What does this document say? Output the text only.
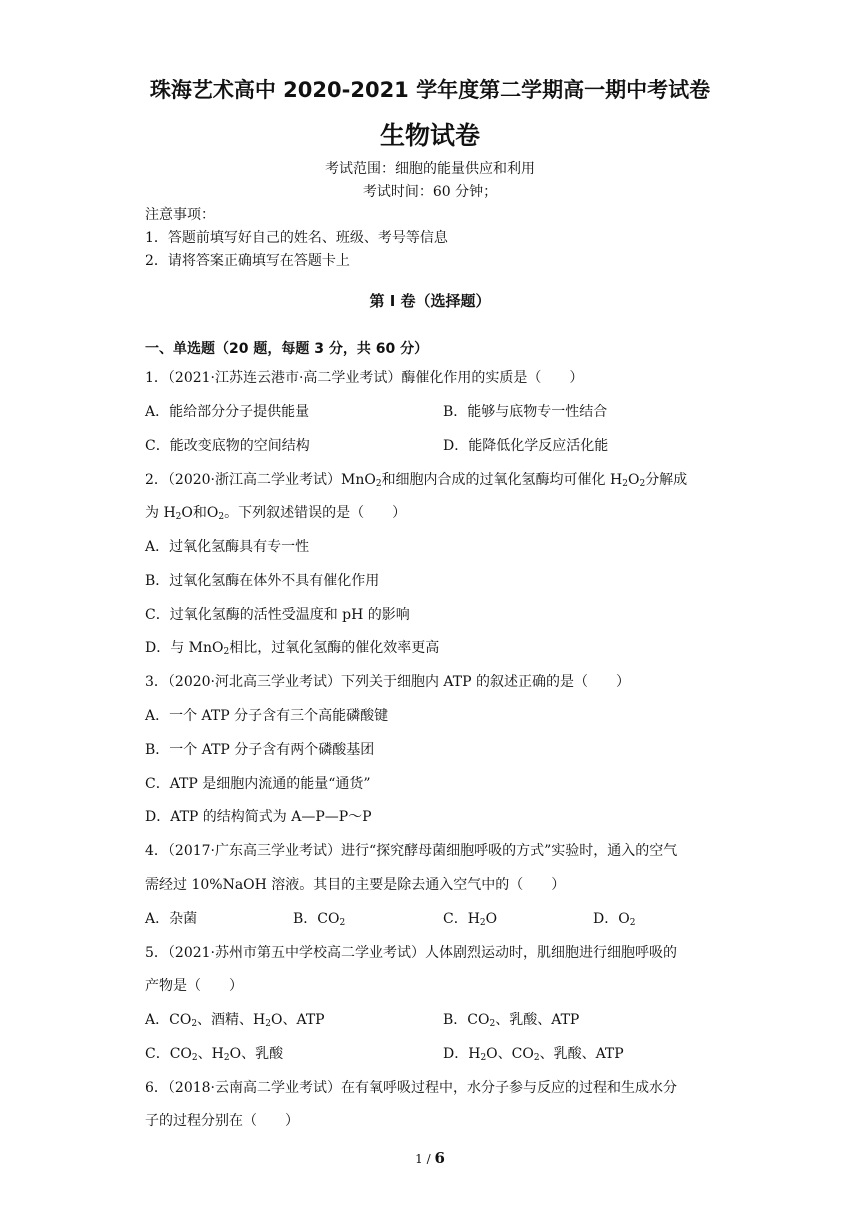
珠海艺术高中 2020-2021 学年度第二学期高一期中考试卷
生物试卷
考试范围：细胞的能量供应和利用
考试时间：60 分钟；
注意事项：
1．答题前填写好自己的姓名、班级、考号等信息
2．请将答案正确填写在答题卡上
第 I 卷（选择题）
一、单选题（20 题，每题 3 分，共 60 分）
1．（2021·江苏连云港市·高二学业考试）酶催化作用的实质是（　　）
A．能给部分分子提供能量	B．能够与底物专一性结合
C．能改变底物的空间结构	D．能降低化学反应活化能
2．（2020·浙江高二学业考试）MnO$_2$和细胞内合成的过氧化氢酶均可催化 $H_2O_2$分解成
为 $H_2O$和$O_2$。下列叙述错误的是（　　）
A．过氧化氢酶具有专一性
B．过氧化氢酶在体外不具有催化作用
C．过氧化氢酶的活性受温度和 pH 的影响
D．与 MnO$_2$相比，过氧化氢酶的催化效率更高
3．（2020·河北高三学业考试）下列关于细胞内 ATP 的叙述正确的是（　　）
A．一个 ATP 分子含有三个高能磷酸键
B．一个 ATP 分子含有两个磷酸基团
C．ATP 是细胞内流通的能量“通货”
D．ATP 的结构简式为 A—P—P～P
4．（2017·广东高三学业考试）进行“探究酵母菌细胞呼吸的方式”实验时，通入的空气
需经过 10%NaOH 溶液。其目的主要是除去通入空气中的（　　）
A．杂菌	B．$CO_2$	C．$H_2O$	D．$O_2$
5．（2021·苏州市第五中学校高二学业考试）人体剧烈运动时，肌细胞进行细胞呼吸的
产物是（　　）
A．$CO_2$、酒精、$H_2O$、ATP	B．$CO_2$、乳酸、ATP
C．$CO_2$、$H_2O$、乳酸	D．$H_2O$、$CO_2$、乳酸、ATP
6．（2018·云南高二学业考试）在有氧呼吸过程中，水分子参与反应的过程和生成水分
子的过程分别在（　　）
1 / 6
